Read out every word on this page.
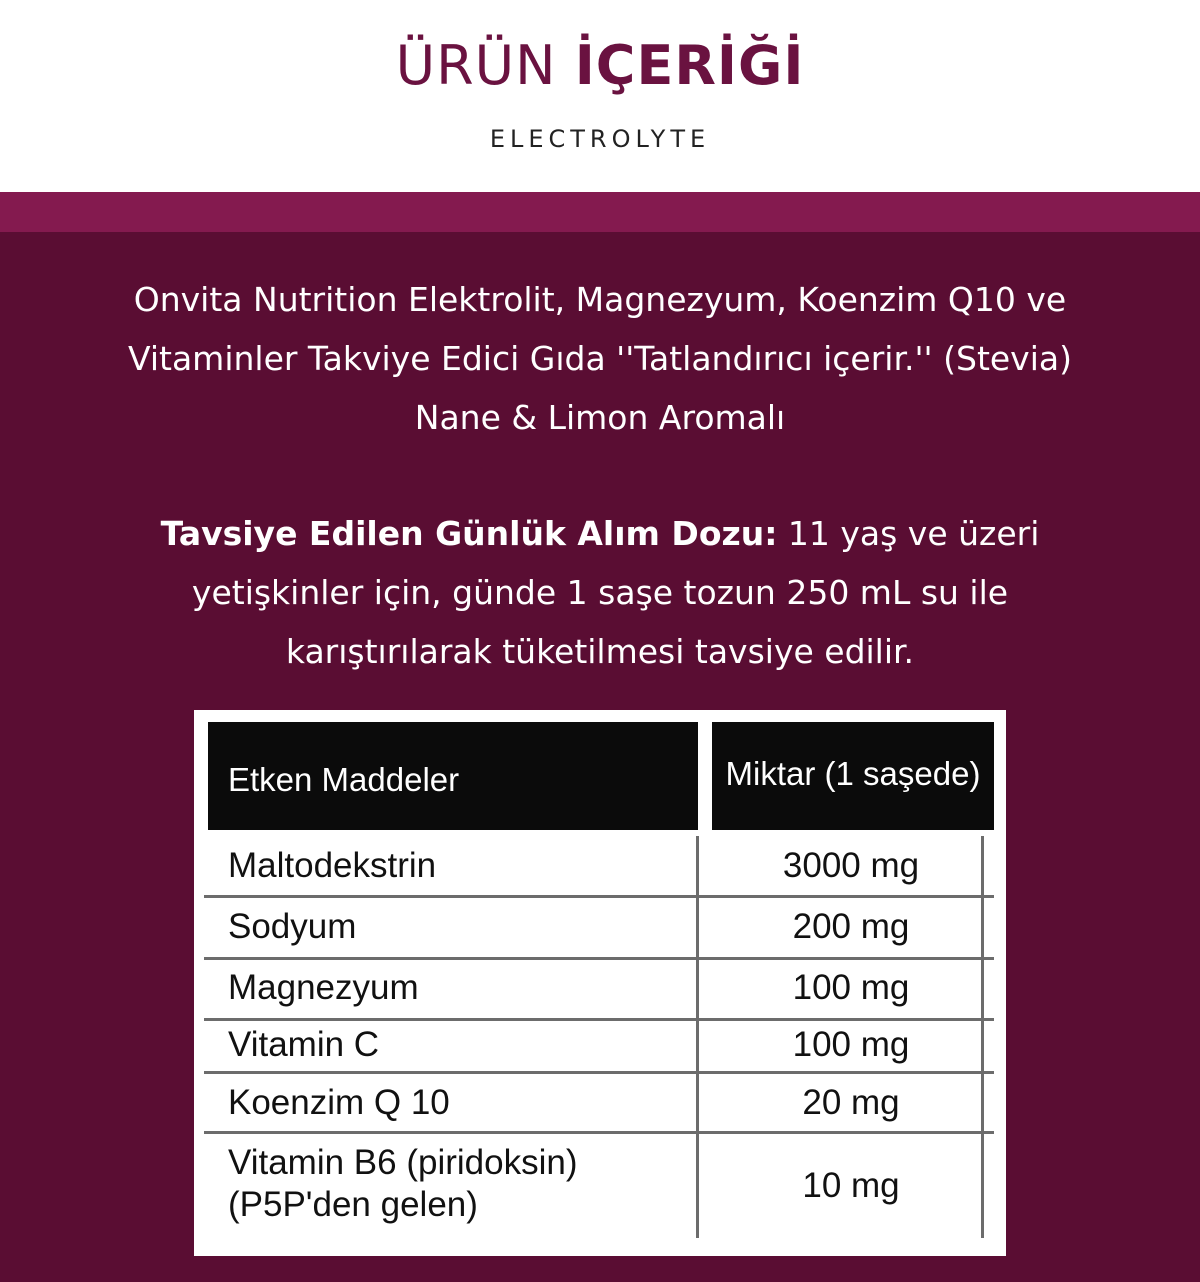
ÜRÜN İÇERİĞİ
ELECTROLYTE

Onvita Nutrition Elektrolit, Magnezyum, Koenzim Q10 ve
Vitaminler Takviye Edici Gıda ''Tatlandırıcı içerir.'' (Stevia)
Nane & Limon Aromalı

Tavsiye Edilen Günlük Alım Dozu: 11 yaş ve üzeri
yetişkinler için, günde 1 saşe tozun 250 mL su ile
karıştırılarak tüketilmesi tavsiye edilir.

Etken Maddeler	Miktar (1 saşede)
Maltodekstrin	3000 mg
Sodyum	200 mg
Magnezyum	100 mg
Vitamin C	100 mg
Koenzim Q 10	20 mg
Vitamin B6 (piridoksin)
(P5P'den gelen)	10 mg
